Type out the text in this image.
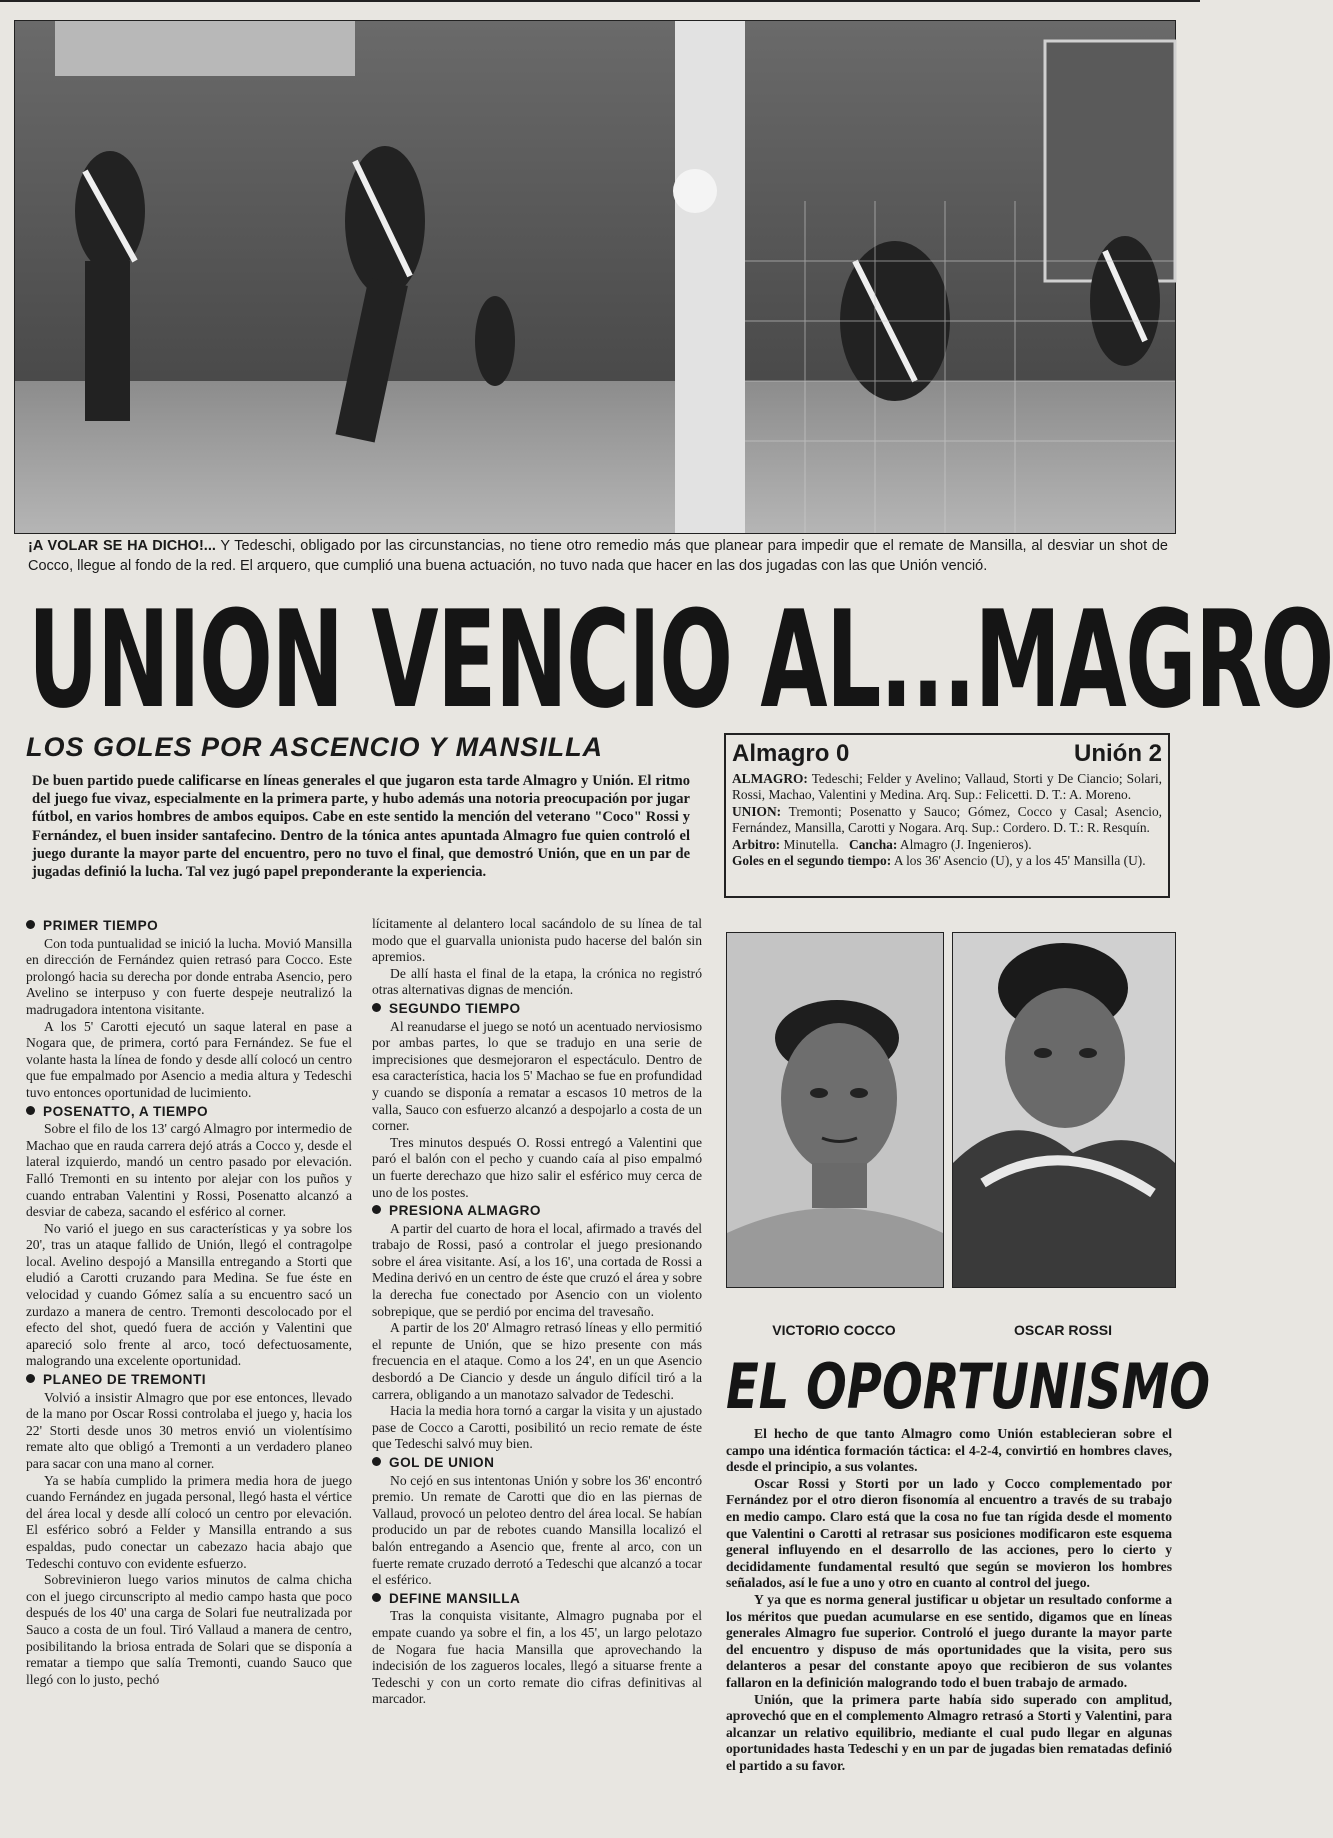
¡A VOLAR SE HA DICHO!... Y Tedeschi, obligado por las circunstancias, no tiene otro remedio más que planear para impedir que el remate de Mansilla, al desviar un shot de Cocco, llegue al fondo de la red. El arquero, que cumplió una buena actuación, no tuvo nada que hacer en las dos jugadas con las que Unión venció.
UNION VENCIO AL...MAGRO
LOS GOLES POR ASCENCIO Y MANSILLA
De buen partido puede calificarse en líneas generales el que jugaron esta tarde Almagro y Unión. El ritmo del juego fue vivaz, especialmente en la primera parte, y hubo además una notoria preocupación por jugar fútbol, en varios hombres de ambos equipos. Cabe en este sentido la mención del veterano "Coco" Rossi y Fernández, el buen insider santafecino. Dentro de la tónica antes apuntada Almagro fue quien controló el juego durante la mayor parte del encuentro, pero no tuvo el final, que demostró Unión, que en un par de jugadas definió la lucha. Tal vez jugó papel preponderante la experiencia.
Almagro 0	Unión 2

ALMAGRO: Tedeschi; Felder y Avelino; Vallaud, Storti y De Ciancio; Solari, Rossi, Machao, Valentini y Medina. Arq. Sup.: Felicetti. D. T.: A. Moreno.

UNION: Tremonti; Posenatto y Sauco; Gómez, Cocco y Casal; Asencio, Fernández, Mansilla, Carotti y Nogara. Arq. Sup.: Cordero. D. T.: R. Resquín.

Arbitro: Minutella. Cancha: Almagro (J. Ingenieros).

Goles en el segundo tiempo: A los 36' Asencio (U), y a los 45' Mansilla (U).

PRIMER TIEMPO

Con toda puntualidad se inició la lucha. Movió Mansilla en dirección de Fernández quien retrasó para Cocco. Este prolongó hacia su derecha por donde entraba Asencio, pero Avelino se interpuso y con fuerte despeje neutralizó la madrugadora intentona visitante.

A los 5' Carotti ejecutó un saque lateral en pase a Nogara que, de primera, cortó para Fernández. Se fue el volante hasta la línea de fondo y desde allí colocó un centro que fue empalmado por Asencio a media altura y Tedeschi tuvo entonces oportunidad de lucimiento.

POSENATTO, A TIEMPO

Sobre el filo de los 13' cargó Almagro por intermedio de Machao que en rauda carrera dejó atrás a Cocco y, desde el lateral izquierdo, mandó un centro pasado por elevación. Falló Tremonti en su intento por alejar con los puños y cuando entraban Valentini y Rossi, Posenatto alcanzó a desviar de cabeza, sacando el esférico al corner.

No varió el juego en sus características y ya sobre los 20', tras un ataque fallido de Unión, llegó el contragolpe local. Avelino despojó a Mansilla entregando a Storti que eludió a Carotti cruzando para Medina. Se fue éste en velocidad y cuando Gómez salía a su encuentro sacó un zurdazo a manera de centro. Tremonti descolocado por el efecto del shot, quedó fuera de acción y Valentini que apareció solo frente al arco, tocó defectuosamente, malogrando una excelente oportunidad.

PLANEO DE TREMONTI

Volvió a insistir Almagro que por ese entonces, llevado de la mano por Oscar Rossi controlaba el juego y, hacia los 22' Storti desde unos 30 metros envió un violentísimo remate alto que obligó a Tremonti a un verdadero planeo para sacar con una mano al corner.

Ya se había cumplido la primera media hora de juego cuando Fernández en jugada personal, llegó hasta el vértice del área local y desde allí colocó un centro por elevación. El esférico sobró a Felder y Mansilla entrando a sus espaldas, pudo conectar un cabezazo hacia abajo que Tedeschi contuvo con evidente esfuerzo.

Sobrevinieron luego varios minutos de calma chicha con el juego circunscripto al medio campo hasta que poco después de los 40' una carga de Solari fue neutralizada por Sauco a costa de un foul. Tiró Vallaud a manera de centro, posibilitando la briosa entrada de Solari que se disponía a rematar a tiempo que salía Tremonti, cuando Sauco que llegó con lo justo, pechó

lícitamente al delantero local sacándolo de su línea de tal modo que el guarvalla unionista pudo hacerse del balón sin apremios.

De allí hasta el final de la etapa, la crónica no registró otras alternativas dignas de mención.

SEGUNDO TIEMPO

Al reanudarse el juego se notó un acentuado nerviosismo por ambas partes, lo que se tradujo en una serie de imprecisiones que desmejoraron el espectáculo. Dentro de esa característica, hacia los 5' Machao se fue en profundidad y cuando se disponía a rematar a escasos 10 metros de la valla, Sauco con esfuerzo alcanzó a despojarlo a costa de un corner.

Tres minutos después O. Rossi entregó a Valentini que paró el balón con el pecho y cuando caía al piso empalmó un fuerte derechazo que hizo salir el esférico muy cerca de uno de los postes.

PRESIONA ALMAGRO

A partir del cuarto de hora el local, afirmado a través del trabajo de Rossi, pasó a controlar el juego presionando sobre el área visitante. Así, a los 16', una cortada de Rossi a Medina derivó en un centro de éste que cruzó el área y sobre la derecha fue conectado por Asencio con un violento sobrepique, que se perdió por encima del travesaño.

A partir de los 20' Almagro retrasó líneas y ello permitió el repunte de Unión, que se hizo presente con más frecuencia en el ataque. Como a los 24', en un que Asencio desbordó a De Ciancio y desde un ángulo difícil tiró a la carrera, obligando a un manotazo salvador de Tedeschi.

Hacia la media hora tornó a cargar la visita y un ajustado pase de Cocco a Carotti, posibilitó un recio remate de éste que Tedeschi salvó muy bien.

GOL DE UNION

No cejó en sus intentonas Unión y sobre los 36' encontró premio. Un remate de Carotti que dio en las piernas de Vallaud, provocó un peloteo dentro del área local. Se habían producido un par de rebotes cuando Mansilla localizó el balón entregando a Asencio que, frente al arco, con un fuerte remate cruzado derrotó a Tedeschi que alcanzó a tocar el esférico.

DEFINE MANSILLA

Tras la conquista visitante, Almagro pugnaba por el empate cuando ya sobre el fin, a los 45', un largo pelotazo de Nogara fue hacia Mansilla que aprovechando la indecisión de los zagueros locales, llegó a situarse frente a Tedeschi y con un corto remate dio cifras definitivas al marcador.

VICTORIO COCCO	OSCAR ROSSI
EL OPORTUNISMO

El hecho de que tanto Almagro como Unión establecieran sobre el campo una idéntica formación táctica: el 4-2-4, convirtió en hombres claves, desde el principio, a sus volantes.

Oscar Rossi y Storti por un lado y Cocco complementado por Fernández por el otro dieron fisonomía al encuentro a través de su trabajo en medio campo. Claro está que la cosa no fue tan rígida desde el momento que Valentini o Carotti al retrasar sus posiciones modificaron este esquema general influyendo en el desarrollo de las acciones, pero lo cierto y decididamente fundamental resultó que según se movieron los hombres señalados, así le fue a uno y otro en cuanto al control del juego.

Y ya que es norma general justificar u objetar un resultado conforme a los méritos que puedan acumularse en ese sentido, digamos que en líneas generales Almagro fue superior. Controló el juego durante la mayor parte del encuentro y dispuso de más oportunidades que la visita, pero sus delanteros a pesar del constante apoyo que recibieron de sus volantes fallaron en la definición malogrando todo el buen trabajo de armado.

Unión, que la primera parte había sido superado con amplitud, aprovechó que en el complemento Almagro retrasó a Storti y Valentini, para alcanzar un relativo equilibrio, mediante el cual pudo llegar en algunas oportunidades hasta Tedeschi y en un par de jugadas bien rematadas definió el partido a su favor.
